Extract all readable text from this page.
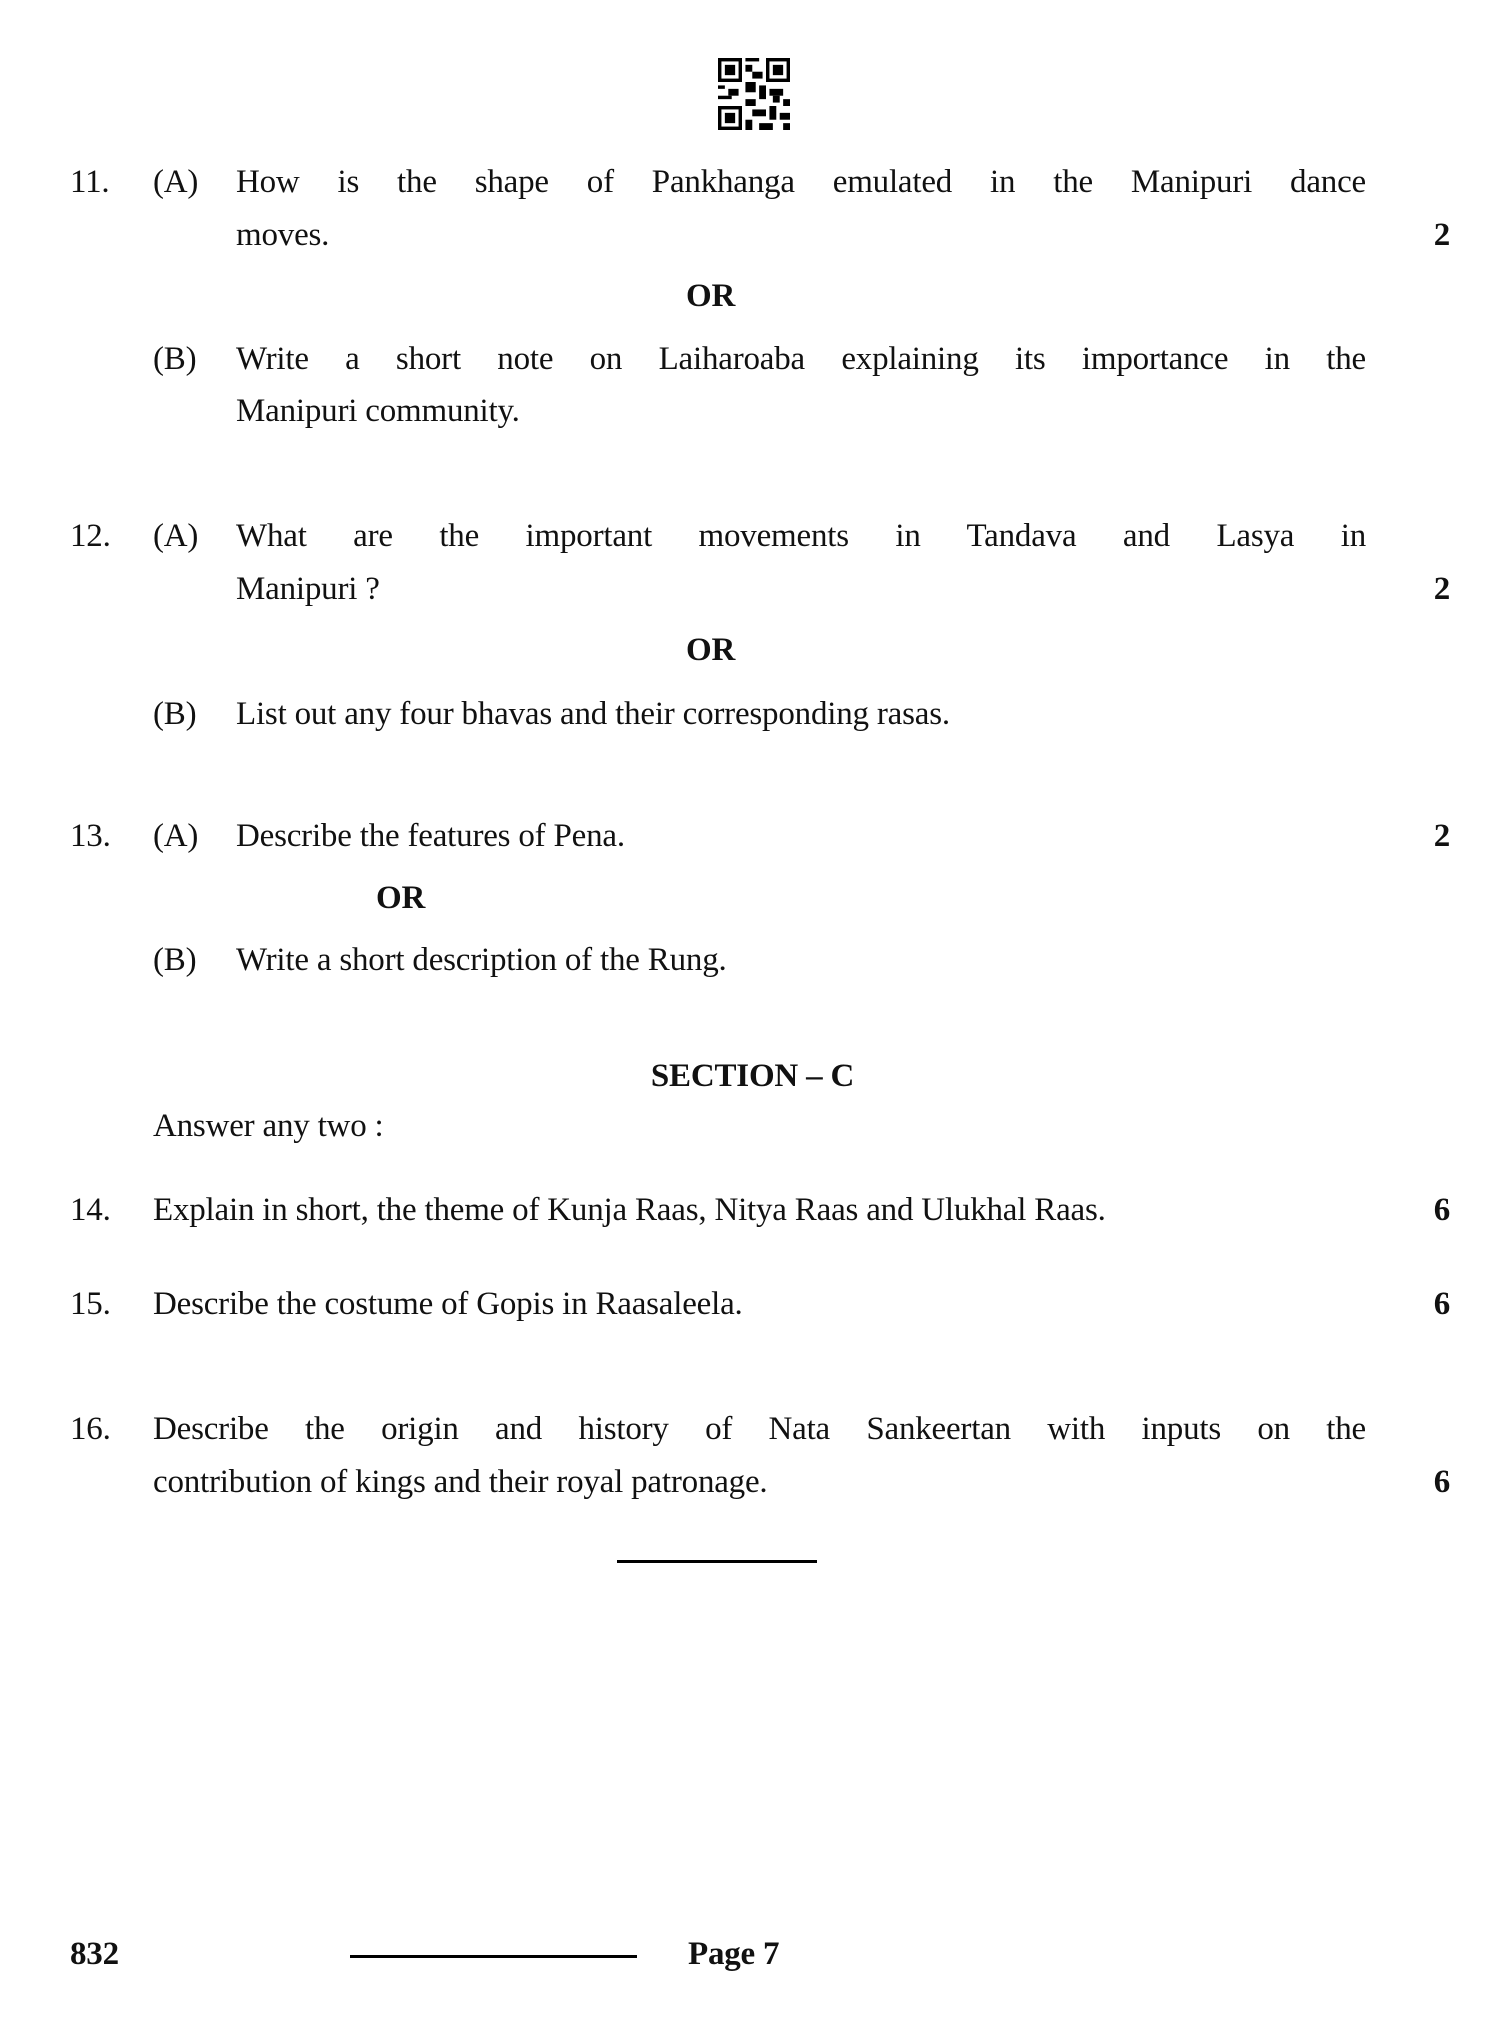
11. (A) How is the shape of Pankhanga emulated in the Manipuri dance
moves.	2
OR
(B) Write a short note on Laiharoaba explaining its importance in the
Manipuri community.
12. (A) What are the important movements in Tandava and Lasya in
Manipuri ?	2
OR
(B) List out any four bhavas and their corresponding rasas.
13. (A) Describe the features of Pena.	2
OR
(B) Write a short description of the Rung.
SECTION – C
Answer any two :
14. Explain in short, the theme of Kunja Raas, Nitya Raas and Ulukhal Raas.	6
15. Describe the costume of Gopis in Raasaleela.	6
16. Describe the origin and history of Nata Sankeertan with inputs on the
contribution of kings and their royal patronage.	6
832	Page 7
